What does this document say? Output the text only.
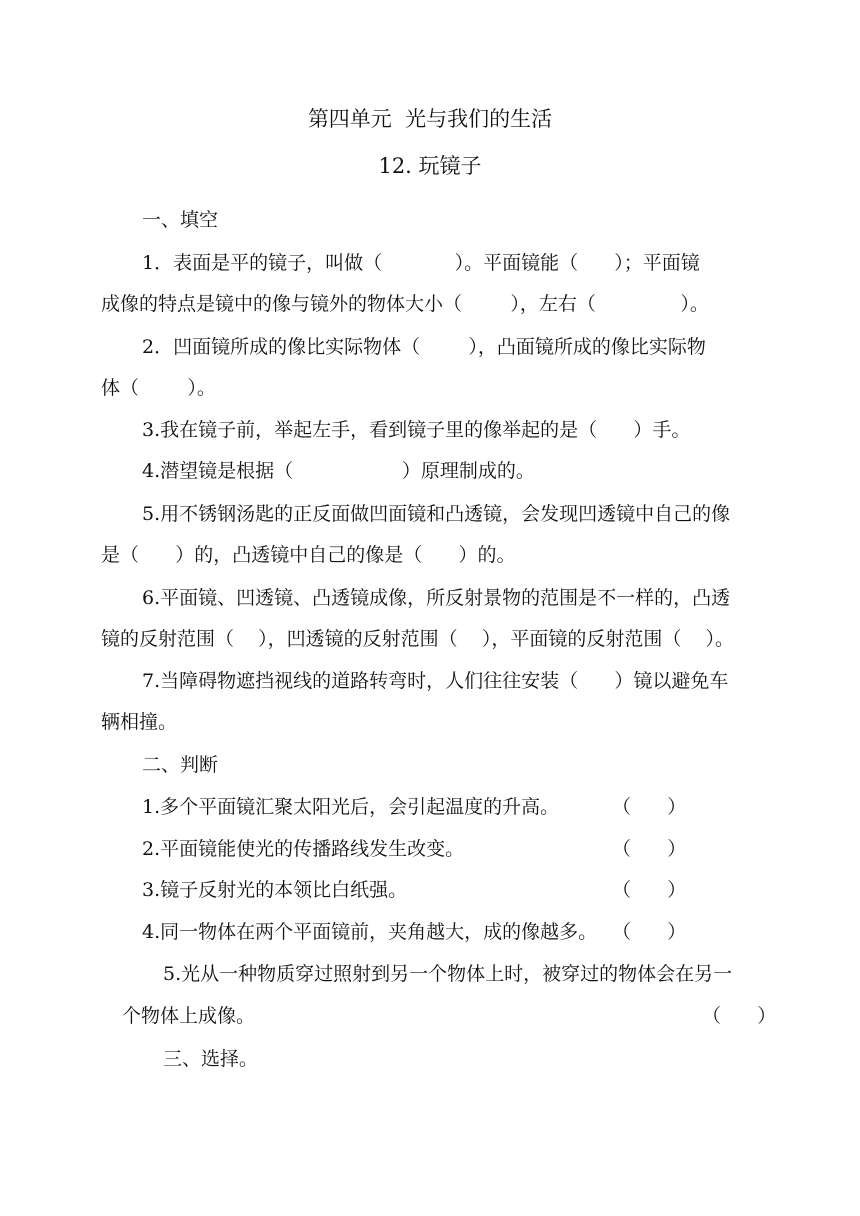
第四单元  光与我们的生活
12. 玩镜子
一、填空
1．表面是平的镜子，叫做（            ）。平面镜能（      ）；平面镜
成像的特点是镜中的像与镜外的物体大小（        ），左右（              ）。
2．凹面镜所成的像比实际物体（        ），凸面镜所成的像比实际物
体（        ）。
3.我在镜子前，举起左手，看到镜子里的像举起的是（      ）手。
4.潜望镜是根据（                  ）原理制成的。
5.用不锈钢汤匙的正反面做凹面镜和凸透镜，会发现凹透镜中自己的像
是（      ）的，凸透镜中自己的像是（      ）的。
6.平面镜、凹透镜、凸透镜成像，所反射景物的范围是不一样的，凸透
镜的反射范围（    ），凹透镜的反射范围（    ），平面镜的反射范围（    ）。
7.当障碍物遮挡视线的道路转弯时，人们往往安装（      ）镜以避免车
辆相撞。
二、判断
1.多个平面镜汇聚太阳光后，会引起温度的升高。	（      ）
2.平面镜能使光的传播路线发生改变。	（      ）
3.镜子反射光的本领比白纸强。	（      ）
4.同一物体在两个平面镜前，夹角越大，成的像越多。 （      ）
5.光从一种物质穿过照射到另一个物体上时，被穿过的物体会在另一
个物体上成像。	（      ）
三、选择。
